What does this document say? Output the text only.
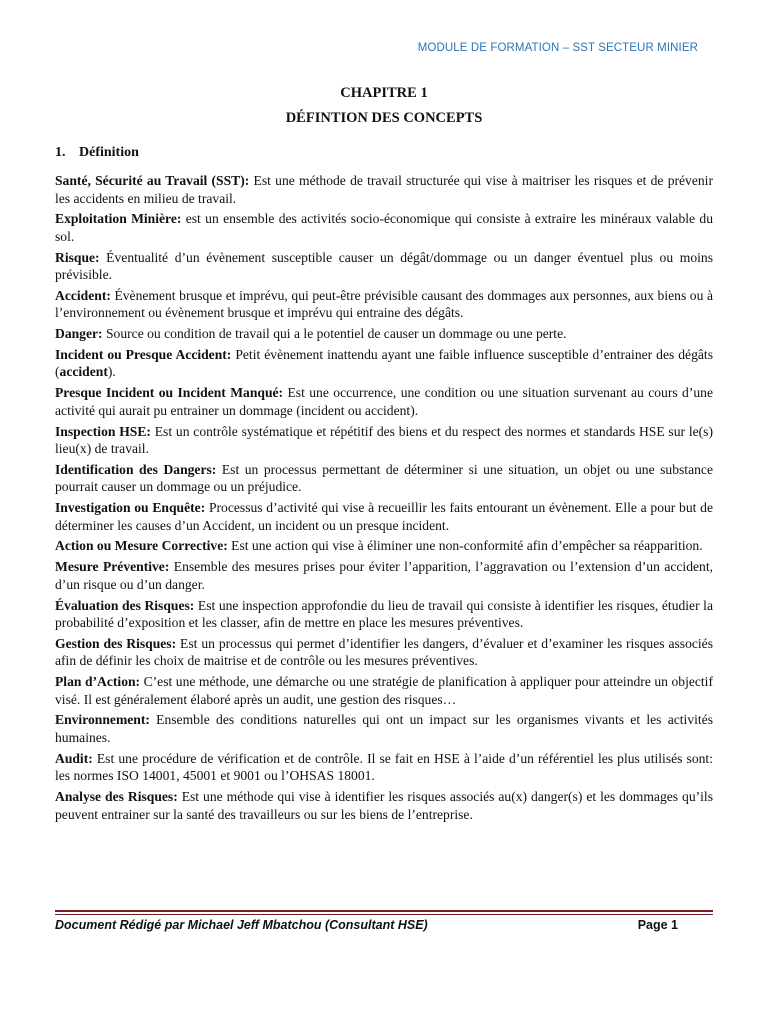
MODULE DE FORMATION – SST SECTEUR MINIER
CHAPITRE 1
DÉFINTION DES CONCEPTS
1. Définition

Santé, Sécurité au Travail (SST): Est une méthode de travail structurée qui vise à maitriser les risques et de prévenir les accidents en milieu de travail.

Exploitation Minière: est un ensemble des activités socio-économique qui consiste à extraire les minéraux valable du sol.

Risque: Éventualité d’un évènement susceptible causer un dégât/dommage ou un danger éventuel plus ou moins prévisible.

Accident: Évènement brusque et imprévu, qui peut-être prévisible causant des dommages aux personnes, aux biens ou à l’environnement ou évènement brusque et imprévu qui entraine des dégâts.

Danger: Source ou condition de travail qui a le potentiel de causer un dommage ou une perte.

Incident ou Presque Accident: Petit évènement inattendu ayant une faible influence susceptible d’entrainer des dégâts (accident).

Presque Incident ou Incident Manqué: Est une occurrence, une condition ou une situation survenant au cours d’une activité qui aurait pu entrainer un dommage (incident ou accident).

Inspection HSE: Est un contrôle systématique et répétitif des biens et du respect des normes et standards HSE sur le(s) lieu(x) de travail.

Identification des Dangers: Est un processus permettant de déterminer si une situation, un objet ou une substance pourrait causer un dommage ou un préjudice.

Investigation ou Enquête: Processus d’activité qui vise à recueillir les faits entourant un évènement. Elle a pour but de déterminer les causes d’un Accident, un incident ou un presque incident.

Action ou Mesure Corrective: Est une action qui vise à éliminer une non-conformité afin d’empêcher sa réapparition.

Mesure Préventive: Ensemble des mesures prises pour éviter l’apparition, l’aggravation ou l’extension d’un accident, d’un risque ou d’un danger.

Évaluation des Risques: Est une inspection approfondie du lieu de travail qui consiste à identifier les risques, étudier la probabilité d’exposition et les classer, afin de mettre en place les mesures préventives.

Gestion des Risques: Est un processus qui permet d’identifier les dangers, d’évaluer et d’examiner les risques associés afin de définir les choix de maitrise et de contrôle ou les mesures préventives.

Plan d’Action: C’est une méthode, une démarche ou une stratégie de planification à appliquer pour atteindre un objectif visé. Il est généralement élaboré après un audit, une gestion des risques…

Environnement: Ensemble des conditions naturelles qui ont un impact sur les organismes vivants et les activités humaines.

Audit: Est une procédure de vérification et de contrôle. Il se fait en HSE à l’aide d’un référentiel les plus utilisés sont: les normes ISO 14001, 45001 et 9001 ou l’OHSAS 18001.

Analyse des Risques: Est une méthode qui vise à identifier les risques associés au(x) danger(s) et les dommages qu’ils peuvent entrainer sur la santé des travailleurs ou sur les biens de l’entreprise.

Document Rédigé par Michael Jeff Mbatchou (Consultant HSE)	Page 1
